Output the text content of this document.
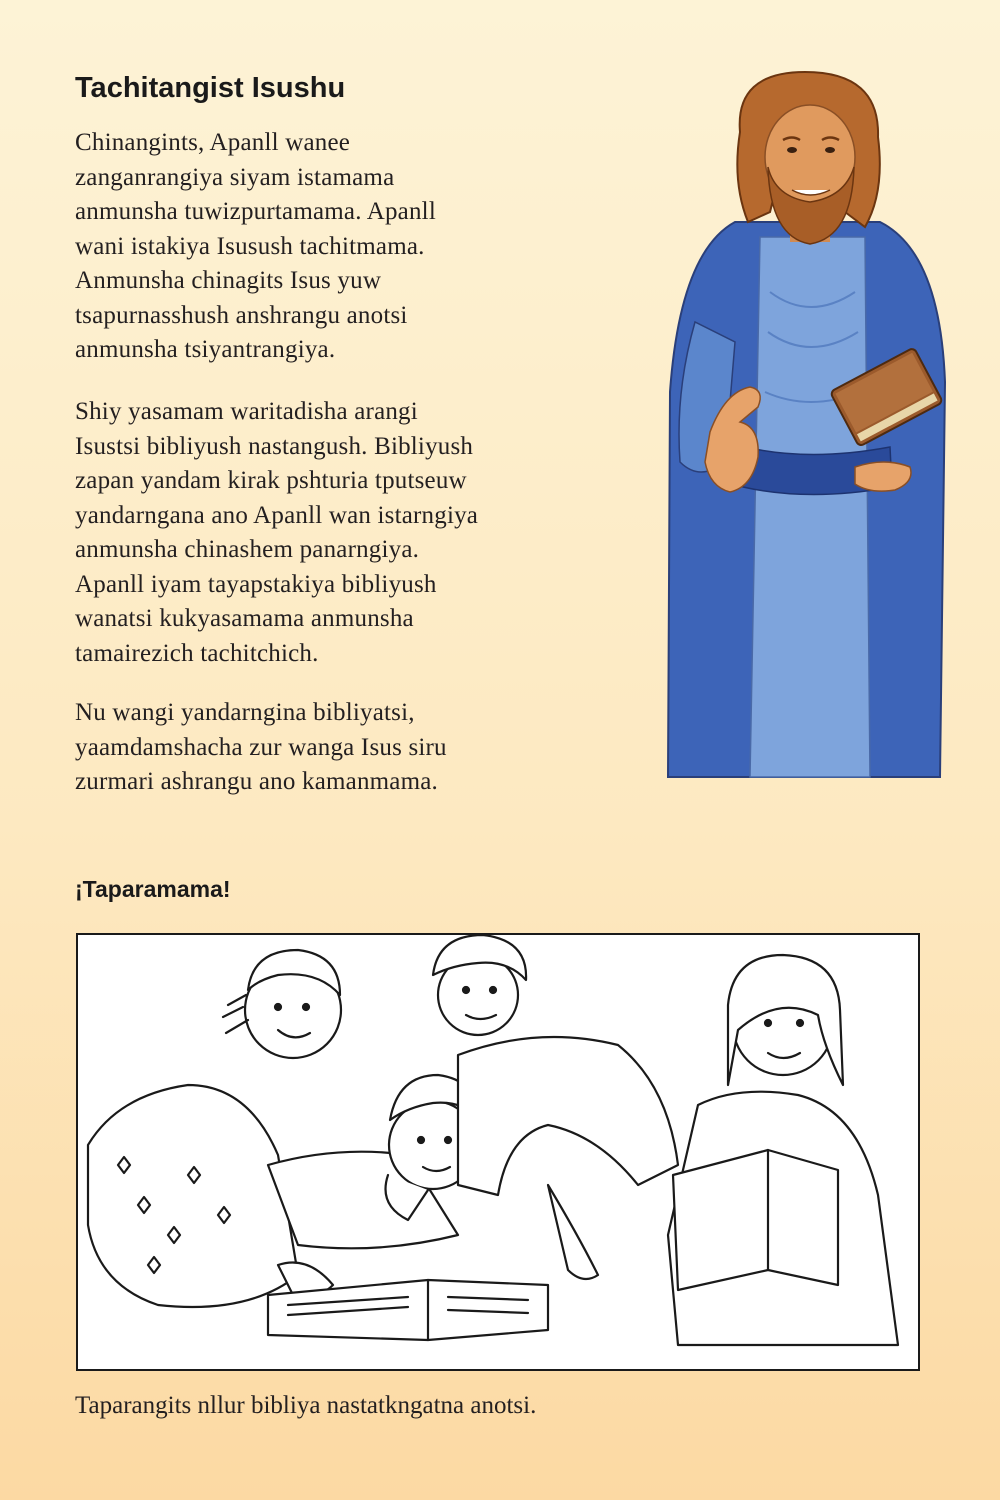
Tachitangist Isushu

Chinangints, Apanll wanee
zanganrangiya siyam istamama
anmunsha tuwizpurtamama. Apanll
wani istakiya Isusush tachitmama.
Anmunsha chinagits Isus yuw
tsapurnasshush anshrangu anotsi
anmunsha tsiyantrangiya.

Shiy yasamam waritadisha arangi
Isustsi bibliyush nastangush. Bibliyush
zapan yandam kirak pshturia tputseuw
yandarngana ano Apanll wan istarngiya
anmunsha chinashem panarngiya.
Apanll iyam tayapstakiya bibliyush
wanatsi kukyasamama anmunsha
tamairezich tachitchich.

Nu wangi yandarngina bibliyatsi,
yaamdamshacha zur wanga Isus siru
zurmari ashrangu ano kamanmama.

¡Taparamama!

Taparangits nllur bibliya nastatkngatna anotsi.
